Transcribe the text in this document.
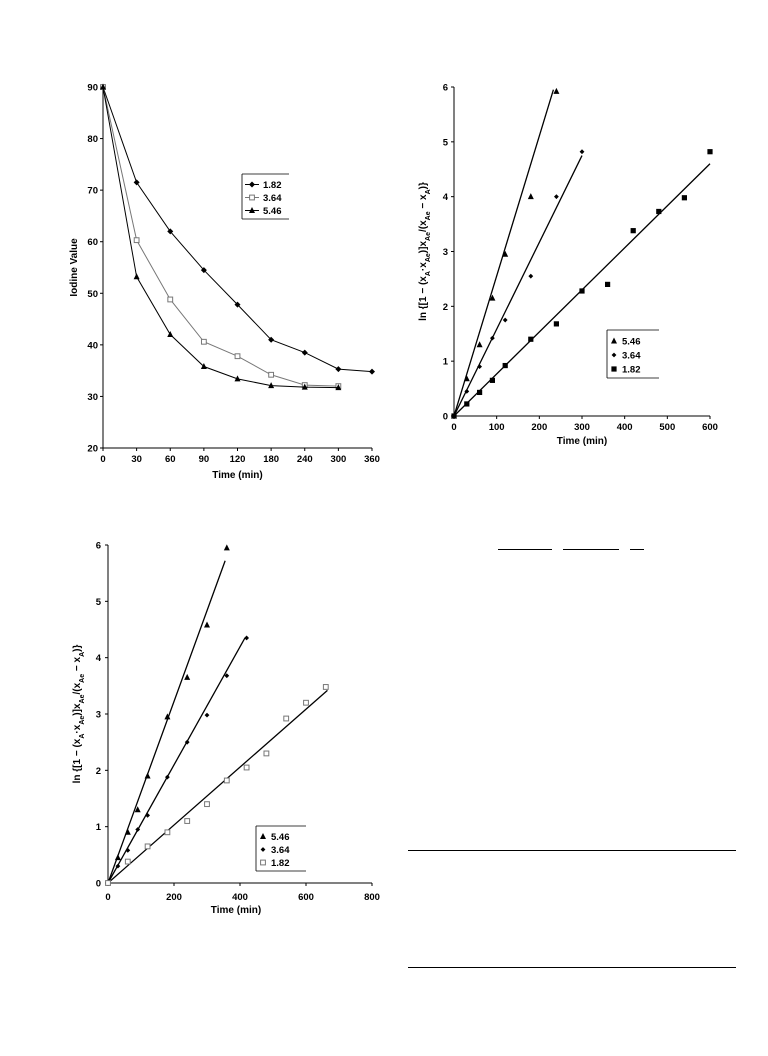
20
30
40
50
60
70
80
90
0	30 60 90 120 180 240 300 360
Time (min)
Iodine Value
1.82
3.64
5.46
0
1
2
3
4
5
6
0	100	200	300	400	500	600
Time (min)
$\ln \{[1 - (x_A\cdot x_{Ae})]x_{Ae}/(x_{Ae} - x_A)\}$
5.46
3.64
1.82
0
1
2
3
4
5
6
0	200	400	600	800
Time (min)
$\ln \{[1 - (x_A\cdot x_{Ae})]x_{Ae}/(x_{Ae} - x_A)\}$
5.46
3.64
1.82
